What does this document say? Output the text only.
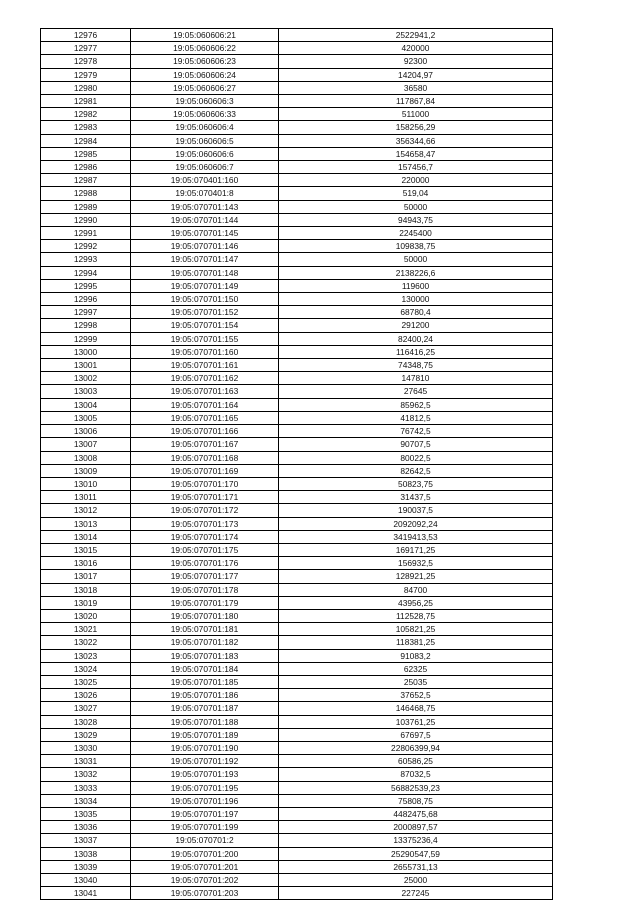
12976	19:05:060606:21	2522941,2
12977	19:05:060606:22	420000
12978	19:05:060606:23	92300
12979	19:05:060606:24	14204,97
12980	19:05:060606:27	36580
12981	19:05:060606:3	117867,84
12982	19:05:060606:33	511000
12983	19:05:060606:4	158256,29
12984	19:05:060606:5	356344,66
12985	19:05:060606:6	154658,47
12986	19:05:060606:7	157456,7
12987	19:05:070401:160	220000
12988	19:05:070401:8	519,04
12989	19:05:070701:143	50000
12990	19:05:070701:144	94943,75
12991	19:05:070701:145	2245400
12992	19:05:070701:146	109838,75
12993	19:05:070701:147	50000
12994	19:05:070701:148	2138226,6
12995	19:05:070701:149	119600
12996	19:05:070701:150	130000
12997	19:05:070701:152	68780,4
12998	19:05:070701:154	291200
12999	19:05:070701:155	82400,24
13000	19:05:070701:160	116416,25
13001	19:05:070701:161	74348,75
13002	19:05:070701:162	147810
13003	19:05:070701:163	27645
13004	19:05:070701:164	85962,5
13005	19:05:070701:165	41812,5
13006	19:05:070701:166	76742,5
13007	19:05:070701:167	90707,5
13008	19:05:070701:168	80022,5
13009	19:05:070701:169	82642,5
13010	19:05:070701:170	50823,75
13011	19:05:070701:171	31437,5
13012	19:05:070701:172	190037,5
13013	19:05:070701:173	2092092,24
13014	19:05:070701:174	3419413,53
13015	19:05:070701:175	169171,25
13016	19:05:070701:176	156932,5
13017	19:05:070701:177	128921,25
13018	19:05:070701:178	84700
13019	19:05:070701:179	43956,25
13020	19:05:070701:180	112528,75
13021	19:05:070701:181	105821,25
13022	19:05:070701:182	118381,25
13023	19:05:070701:183	91083,2
13024	19:05:070701:184	62325
13025	19:05:070701:185	25035
13026	19:05:070701:186	37652,5
13027	19:05:070701:187	146468,75
13028	19:05:070701:188	103761,25
13029	19:05:070701:189	67697,5
13030	19:05:070701:190	22806399,94
13031	19:05:070701:192	60586,25
13032	19:05:070701:193	87032,5
13033	19:05:070701:195	56882539,23
13034	19:05:070701:196	75808,75
13035	19:05:070701:197	4482475,68
13036	19:05:070701:199	2000897,57
13037	19:05:070701:2	13375236,4
13038	19:05:070701:200	25290547,59
13039	19:05:070701:201	2655731,13
13040	19:05:070701:202	25000
13041	19:05:070701:203	227245
